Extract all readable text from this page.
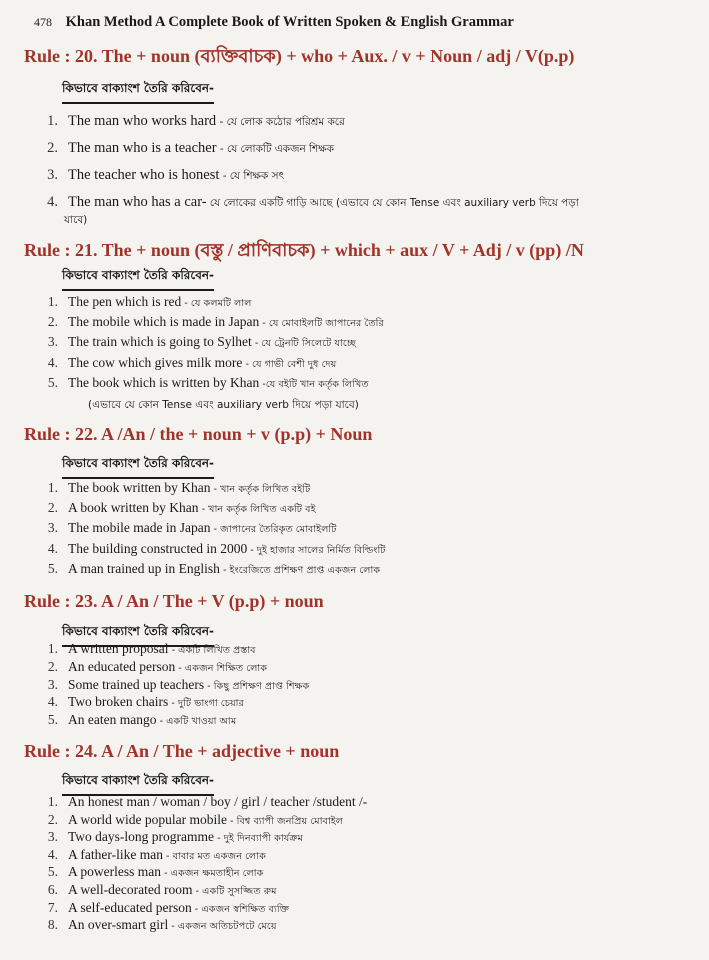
478 Khan Method A Complete Book of Written Spoken & English Grammar
Rule : 20. The + noun (ব্যক্তিবাচক) + who + Aux. / v + Noun / adj / V(p.p)
কিভাবে বাক্যাংশ তৈরি করিবেন-
1. The man who works hard - যে লোক কঠোর পরিশ্রম করে
2. The man who is a teacher - যে লোকটি একজন শিক্ষক
3. The teacher who is honest - যে শিক্ষক সৎ
4. The man who has a car- যে লোকের একটি গাড়ি আছে (এভাবে যে কোন Tense এবং auxiliary verb দিয়ে পড়া
যাবে)
Rule : 21. The + noun (বস্তু / প্রাণিবাচক) + which + aux / V + Adj / v (pp) /N
কিভাবে বাক্যাংশ তৈরি করিবেন-
1. The pen which is red - যে কলমটি লাল
2. The mobile which is made in Japan - যে মোবাইলটি জাপানের তৈরি
3. The train which is going to Sylhet - যে ট্রেনটি সিলেটে যাচ্ছে
4. The cow which gives milk more - যে গাভী বেশী দুধ দেয়
5. The book which is written by Khan -যে বইটি খান কর্তৃক লিখিত
(এভাবে যে কোন Tense এবং auxiliary verb দিয়ে পড়া যাবে)
Rule : 22. A /An / the + noun + v (p.p) + Noun
কিভাবে বাক্যাংশ তৈরি করিবেন-
1. The book written by Khan - খান কর্তৃক লিখিত বইটি
2. A book written by Khan - খান কর্তৃক লিখিত একটি বই
3. The mobile made in Japan - জাপানের তৈরিকৃত মোবাইলটি
4. The building constructed in 2000 - দুই হাজার সালের নির্মিত বিল্ডিংটি
5. A man trained up in English - ইংরেজিতে প্রশিক্ষণ প্রাপ্ত একজন লোক
Rule : 23. A / An / The + V (p.p) + noun
কিভাবে বাক্যাংশ তৈরি করিবেন-
1. A written proposal - একটি লিখিত প্রস্তাব
2. An educated person - একজন শিক্ষিত লোক
3. Some trained up teachers - কিছু প্রশিক্ষণ প্রাপ্ত শিক্ষক
4. Two broken chairs - দুটি ভাংগা চেয়ার
5. An eaten mango - একটি খাওয়া আম
Rule : 24. A / An / The + adjective + noun
কিভাবে বাক্যাংশ তৈরি করিবেন-
1. An honest man / woman / boy / girl / teacher /student /-
2. A world wide popular mobile - বিশ্ব ব্যাপী জনপ্রিয় মোবাইল
3. Two days-long programme - দুই দিনব্যাপী কার্যক্রম
4. A father-like man - বাবার মত একজন লোক
5. A powerless man - একজন ক্ষমতাহীন লোক
6. A well-decorated room - একটি সুসজ্জিত রুম
7. A self-educated person - একজন স্বশিক্ষিত ব্যক্তি
8. An over-smart girl - একজন অতিচটপটে মেয়ে
